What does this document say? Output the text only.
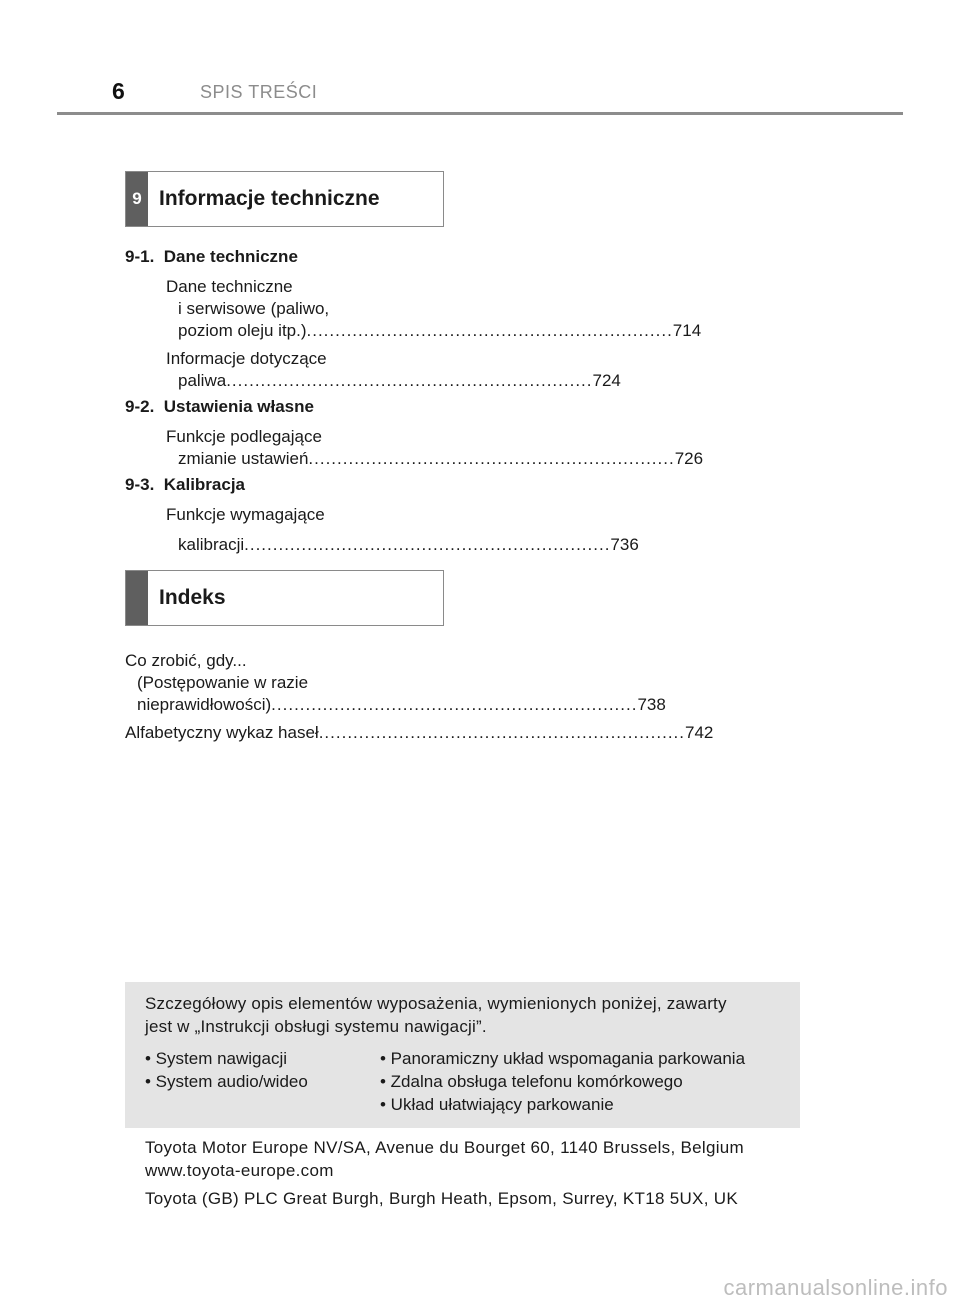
6	SPIS TREŚCI
9 Informacje techniczne
9-1. Dane techniczne
Dane techniczne
i serwisowe (paliwo,
poziom oleju itp.) ................................................................ 714
Informacje dotyczące
paliwa ................................................................ 724
9-2. Ustawienia własne
Funkcje podlegające
zmianie ustawień ................................................................ 726
9-3. Kalibracja
Funkcje wymagające
kalibracji ................................................................ 736
Indeks
Co zrobić, gdy...
(Postępowanie w razie
nieprawidłowości) ................................................................ 738
Alfabetyczny wykaz haseł ................................................................ 742
Szczegółowy opis elementów wyposażenia, wymienionych poniżej, zawarty
jest w „Instrukcji obsługi systemu nawigacji”.
• System nawigacji
• System audio/wideo
• Panoramiczny układ wspomagania parkowania
• Zdalna obsługa telefonu komórkowego
• Układ ułatwiający parkowanie
Toyota Motor Europe NV/SA, Avenue du Bourget 60, 1140 Brussels, Belgium
www.toyota-europe.com
Toyota (GB) PLC Great Burgh, Burgh Heath, Epsom, Surrey, KT18 5UX, UK
carmanualsonline.info
